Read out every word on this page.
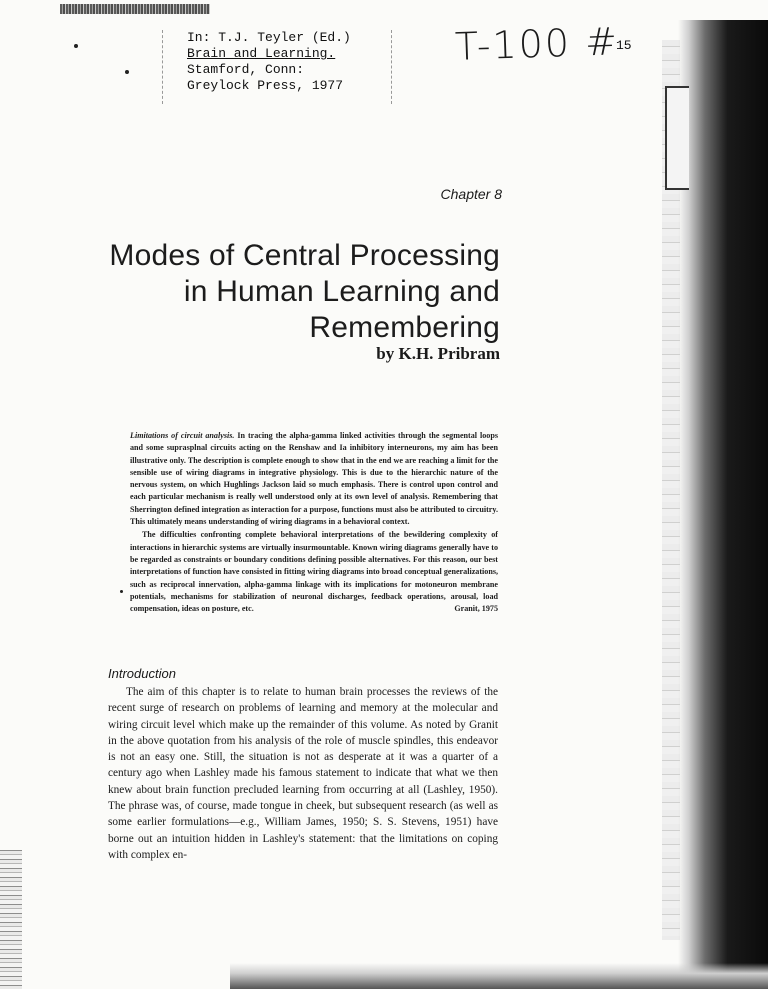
In: T.J. Teyler (Ed.)
Brain and Learning.
Stamford, Conn:
Greylock Press, 1977
T-100 #
15
Chapter 8
Modes of Central Processing
in Human Learning and
Remembering
by K.H. Pribram

Limitations of circuit analysis. In tracing the alpha-gamma linked activities through the segmental loops and some suprasplnal circuits acting on the Renshaw and Ia inhibitory interneurons, my aim has been illustrative only. The description is complete enough to show that in the end we are reaching a limit for the sensible use of wiring diagrams in integrative physiology. This is due to the hierarchic nature of the nervous system, on which Hughlings Jackson laid so much emphasis. There is control upon control and each particular mechanism is really well understood only at its own level of analysis. Remembering that Sherrington defined integration as interaction for a purpose, functions must also be attributed to circuitry. This ultimately means understanding of wiring diagrams in a behavioral context.

The difficulties confronting complete behavioral interpretations of the bewildering complexity of interactions in hierarchic systems are virtually insurmountable. Known wiring diagrams generally have to be regarded as constraints or boundary conditions defining possible alternatives. For this reason, our best interpretations of function have consisted in fitting wiring diagrams into broad conceptual generalizations, such as reciprocal innervation, alpha-gamma linkage with its implications for motoneuron membrane potentials, mechanisms for stabilization of neuronal discharges, feedback operations, arousal, load compensation, ideas on posture, etc.	Granit, 1975

Introduction
The aim of this chapter is to relate to human brain processes the reviews of the recent surge of research on problems of learning and memory at the molecular and wiring circuit level which make up the remainder of this volume. As noted by Granit in the above quotation from his analysis of the role of muscle spindles, this endeavor is not an easy one. Still, the situation is not as desperate at it was a quarter of a century ago when Lashley made his famous statement to indicate that what we then knew about brain function precluded learning from occurring at all (Lashley, 1950). The phrase was, of course, made tongue in cheek, but subsequent research (as well as some earlier formulations—e.g., William James, 1950; S. S. Stevens, 1951) have borne out an intuition hidden in Lashley's statement: that the limitations on coping with complex en-
